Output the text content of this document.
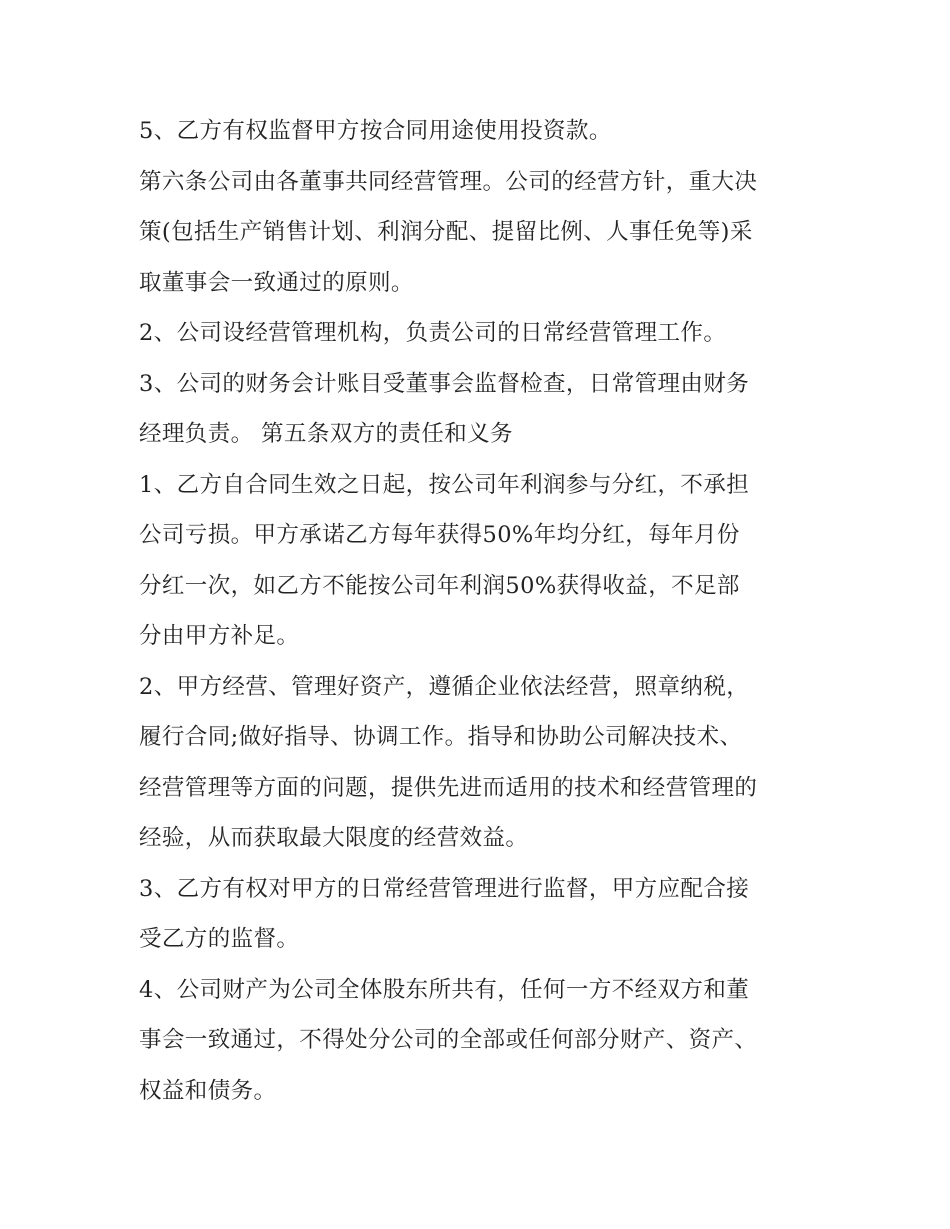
5、乙方有权监督甲方按合同用途使用投资款。
第六条公司由各董事共同经营管理。公司的经营方针，重大决
策(包括生产销售计划、利润分配、提留比例、人事任免等)采
取董事会一致通过的原则。
2、公司设经营管理机构，负责公司的日常经营管理工作。
3、公司的财务会计账目受董事会监督检查，日常管理由财务
经理负责。 第五条双方的责任和义务
1、乙方自合同生效之日起，按公司年利润参与分红，不承担
公司亏损。甲方承诺乙方每年获得50%年均分红，每年月份
分红一次，如乙方不能按公司年利润50%获得收益，不足部
分由甲方补足。
2、甲方经营、管理好资产，遵循企业依法经营，照章纳税，
履行合同;做好指导、协调工作。指导和协助公司解决技术、
经营管理等方面的问题，提供先进而适用的技术和经营管理的
经验，从而获取最大限度的经营效益。
3、乙方有权对甲方的日常经营管理进行监督，甲方应配合接
受乙方的监督。
4、公司财产为公司全体股东所共有，任何一方不经双方和董
事会一致通过，不得处分公司的全部或任何部分财产、资产、
权益和债务。
